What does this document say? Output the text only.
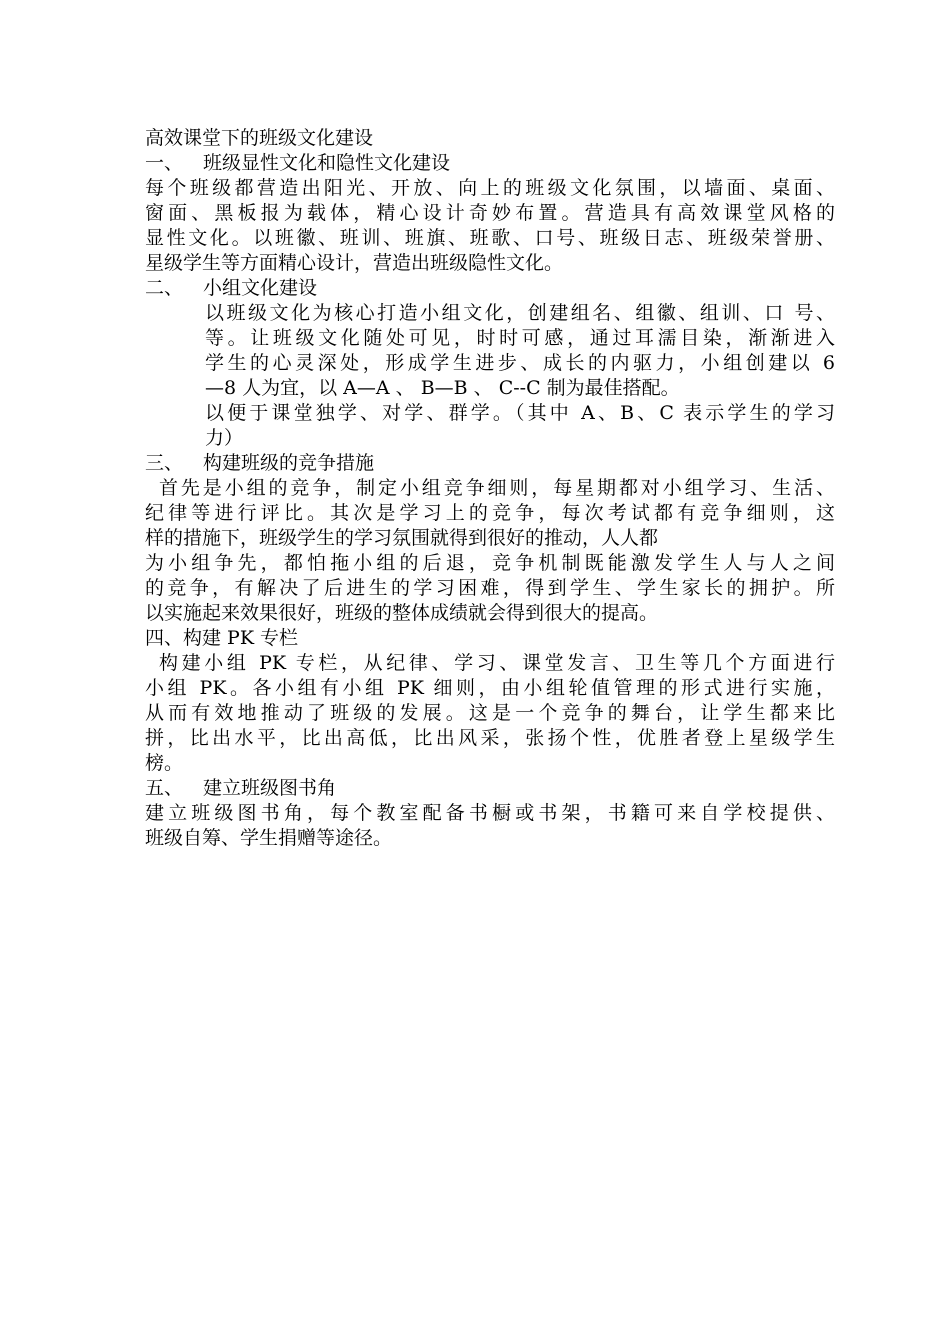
高效课堂下的班级文化建设
一、 班级显性文化和隐性文化建设
每个班级都营造出阳光、开放、向上的班级文化氛围，以墙面、桌面、
窗面、黑板报为载体，精心设计奇妙布置。营造具有高效课堂风格的
显性文化。以班徽、班训、班旗、班歌、口号、班级日志、班级荣誉册、
星级学生等方面精心设计，营造出班级隐性文化。
二、 小组文化建设
以班级文化为核心打造小组文化，创建组名、组徽、组训、口 号、
等。让班级文化随处可见，时时可感，通过耳濡目染，渐渐进入
学生的心灵深处，形成学生进步、成长的内驱力，小组创建以 6
—8 人为宜，以 A—A 、 B—B 、 C--C 制为最佳搭配。
以便于课堂独学、对学、群学。（其中 A、B、C 表示学生的学习
力）
三、 构建班级的竞争措施
首先是小组的竞争，制定小组竞争细则，每星期都对小组学习、生活、
纪律等进行评比。其次是学习上的竞争，每次考试都有竞争细则，这
样的措施下，班级学生的学习氛围就得到很好的推动，人人都
为小组争先，都怕拖小组的后退，竞争机制既能激发学生人与人之间
的竞争，有解决了后进生的学习困难，得到学生、学生家长的拥护。所
以实施起来效果很好，班级的整体成绩就会得到很大的提高。
四、构建 PK 专栏
构建小组 PK 专栏，从纪律、学习、课堂发言、卫生等几个方面进行
小组 PK。各小组有小组 PK 细则，由小组轮值管理的形式进行实施，
从而有效地推动了班级的发展。这是一个竞争的舞台，让学生都来比
拼，比出水平，比出高低，比出风采，张扬个性，优胜者登上星级学生
榜。
五、 建立班级图书角
建立班级图书角，每个教室配备书橱或书架，书籍可来自学校提供、
班级自筹、学生捐赠等途径。
